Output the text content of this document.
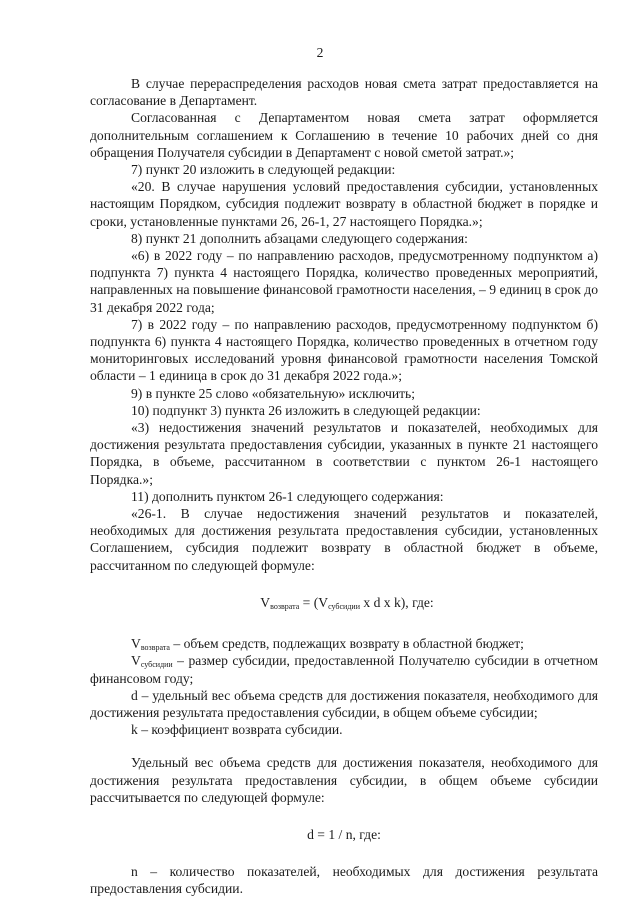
2

В случае перераспределения расходов новая смета затрат предоставляется на согласование в Департамент.

Согласованная с Департаментом новая смета затрат оформляется дополнительным соглашением к Соглашению в течение 10 рабочих дней со дня обращения Получателя субсидии в Департамент с новой сметой затрат.»;

7) пункт 20 изложить в следующей редакции:

«20. В случае нарушения условий предоставления субсидии, установленных настоящим Порядком, субсидия подлежит возврату в областной бюджет в порядке и сроки, установленные пунктами 26, 26-1, 27 настоящего Порядка.»;

8) пункт 21 дополнить абзацами следующего содержания:

«6) в 2022 году – по направлению расходов, предусмотренному подпунктом а) подпункта 7) пункта 4 настоящего Порядка, количество проведенных мероприятий, направленных на повышение финансовой грамотности населения, – 9 единиц в срок до 31 декабря 2022 года;

7) в 2022 году – по направлению расходов, предусмотренному подпунктом б) подпункта 6) пункта 4 настоящего Порядка, количество проведенных в отчетном году мониторинговых исследований уровня финансовой грамотности населения Томской области – 1 единица в срок до 31 декабря 2022 года.»;

9) в пункте 25 слово «обязательную» исключить;

10) подпункт 3) пункта 26 изложить в следующей редакции:

«3) недостижения значений результатов и показателей, необходимых для достижения результата предоставления субсидии, указанных в пункте 21 настоящего Порядка, в объеме, рассчитанном в соответствии с пунктом 26-1 настоящего Порядка.»;

11) дополнить пунктом 26-1 следующего содержания:

«26-1. В случае недостижения значений результатов и показателей, необходимых для достижения результата предоставления субсидии, установленных Соглашением, субсидия подлежит возврату в областной бюджет в объеме, рассчитанном по следующей формуле:

$V_{возврата} = (V_{субсидии}$ x d x k), где:

$V_{возврата}$ – объем средств, подлежащих возврату в областной бюджет;

$V_{субсидии}$ – размер субсидии, предоставленной Получателю субсидии в отчетном финансовом году;

d – удельный вес объема средств для достижения показателя, необходимого для достижения результата предоставления субсидии, в общем объеме субсидии;

k – коэффициент возврата субсидии.

Удельный вес объема средств для достижения показателя, необходимого для достижения результата предоставления субсидии, в общем объеме субсидии рассчитывается по следующей формуле:

d = 1 / n, где:

n – количество показателей, необходимых для достижения результата предоставления субсидии.
